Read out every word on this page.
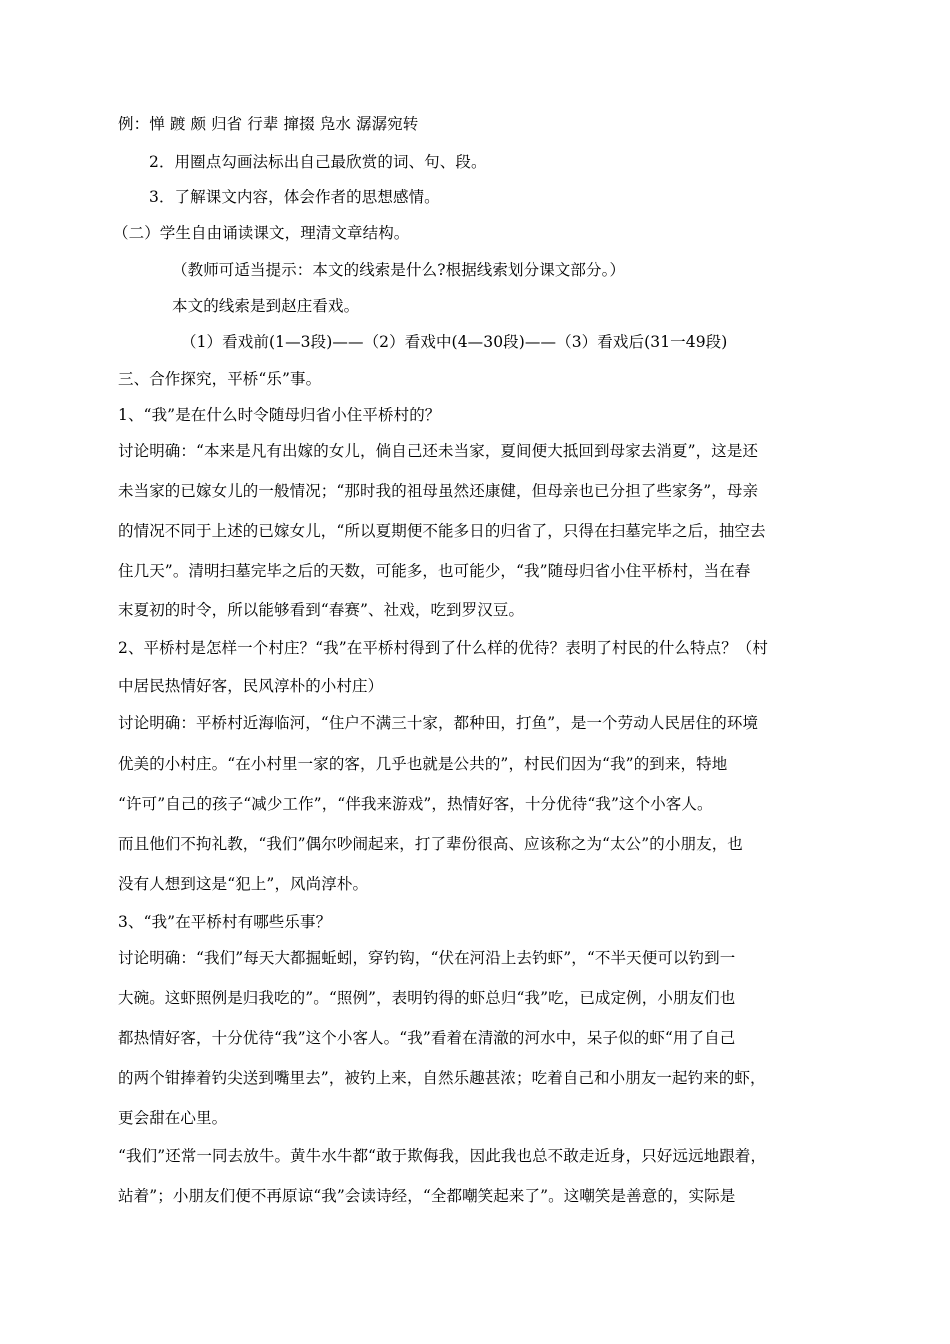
例：惮 踱 颇 归省 行辈 撺掇 凫水 潺潺宛转
2．用圈点勾画法标出自己最欣赏的词、句、段。
3．了解课文内容，体会作者的思想感情。
（二）学生自由诵读课文，理清文章结构。
（教师可适当提示：本文的线索是什么?根据线索划分课文部分。）
本文的线索是到赵庄看戏。
（1）看戏前(1—3段)——（2）看戏中(4—30段)——（3）看戏后(31一49段)
三、合作探究，平桥“乐”事。
1、“我”是在什么时令随母归省小住平桥村的？
讨论明确：“本来是凡有出嫁的女儿，倘自己还未当家，夏间便大抵回到母家去消夏”，这是还
未当家的已嫁女儿的一般情况；“那时我的祖母虽然还康健，但母亲也已分担了些家务”，母亲
的情况不同于上述的已嫁女儿，“所以夏期便不能多日的归省了，只得在扫墓完毕之后，抽空去
住几天”。清明扫墓完毕之后的天数，可能多，也可能少，“我”随母归省小住平桥村，当在春
末夏初的时令，所以能够看到“春赛”、社戏，吃到罗汉豆。
2、平桥村是怎样一个村庄？“我”在平桥村得到了什么样的优待？表明了村民的什么特点？（村
中居民热情好客，民风淳朴的小村庄）
讨论明确：平桥村近海临河，“住户不满三十家，都种田，打鱼”，是一个劳动人民居住的环境
优美的小村庄。“在小村里一家的客，几乎也就是公共的”，村民们因为“我”的到来，特地
“许可”自己的孩子“减少工作”，“伴我来游戏”，热情好客，十分优待“我”这个小客人。
而且他们不拘礼教，“我们”偶尔吵闹起来，打了辈份很高、应该称之为“太公”的小朋友，也
没有人想到这是“犯上”，风尚淳朴。
3、“我”在平桥村有哪些乐事？
讨论明确：“我们”每天大都掘蚯蚓，穿钓钩，“伏在河沿上去钓虾”，“不半天便可以钓到一
大碗。这虾照例是归我吃的”。“照例”，表明钓得的虾总归“我”吃，已成定例，小朋友们也
都热情好客，十分优待“我”这个小客人。“我”看着在清澈的河水中，呆子似的虾“用了自己
的两个钳捧着钓尖送到嘴里去”，被钓上来，自然乐趣甚浓；吃着自己和小朋友一起钓来的虾，
更会甜在心里。
“我们”还常一同去放牛。黄牛水牛都“敢于欺侮我，因此我也总不敢走近身，只好远远地跟着，
站着”；小朋友们便不再原谅“我”会读诗经，“全都嘲笑起来了”。这嘲笑是善意的，实际是
